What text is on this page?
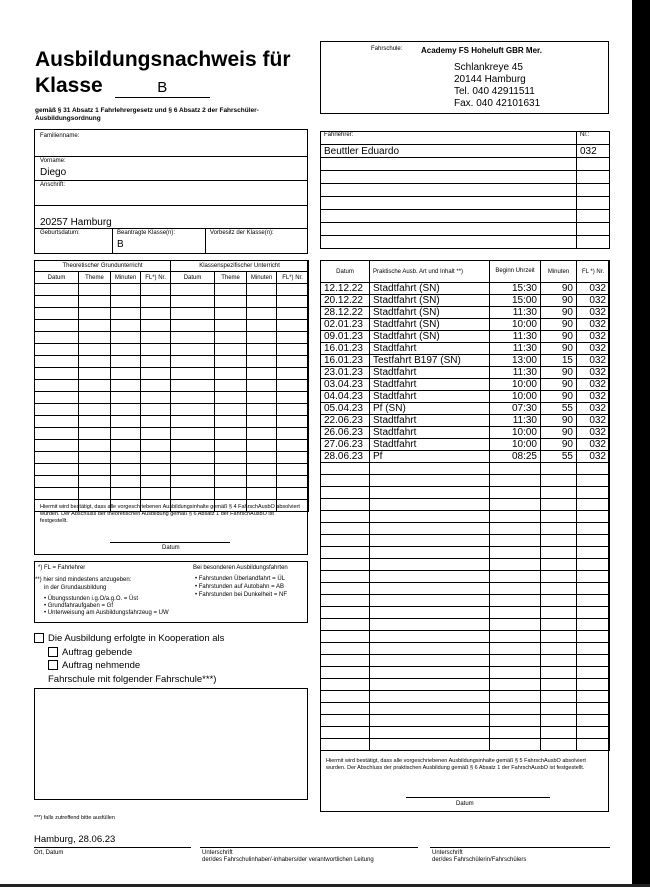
Ausbildungsnachweis für
Klasse	B
gemäß § 31 Absatz 1 Fahrlehrergesetz und § 6 Absatz 2 der Fahrschüler-Ausbildungsordnung
Fahrschule: Academy FS Hoheluft GBR Mer.
Schlankreye 45
20144 Hamburg
Tel. 040 42911511
Fax. 040 42101631
Familienname:
Vorname:
Diego
Anschrift:
20257 Hamburg
Geburtsdatum:	Beantragte Klasse(n):
B
Vorbesitz der Klasse(n):
Fahrlehrer:	Nr.:
Beuttler Eduardo	032

Theoretischer Grundunterricht				Klassenspezifischer Unterricht			
Datum	Theme	Minuten	FL*) Nr.	Datum	Theme	Minuten	FL*) Nr.

Hiermit wird bestätigt, dass alle vorgeschriebenen Ausbildungsinhalte gemäß § 4 FahrschAusbO absolviert wurden. Der Abschluss der theoretischen Ausbildung gemäß § 6 Absatz 1 der FahrschAusbO ist festgestellt.
Datum
Datum	Praktische Ausb. Art und Inhalt **)	Beginn Uhrzeit	Minuten	FL *) Nr.
12.12.22	Stadtfahrt (SN)	15:30	90	032
20.12.22	Stadtfahrt (SN)	15:00	90	032
28.12.22	Stadtfahrt (SN)	11:30	90	032
02.01.23	Stadtfahrt (SN)	10:00	90	032
09.01.23	Stadtfahrt (SN)	11:30	90	032
16.01.23	Stadtfahrt	11:30	90	032
16.01.23	Testfahrt B197 (SN)	13:00	15	032
23.01.23	Stadtfahrt	11:30	90	032
03.04.23	Stadtfahrt	10:00	90	032
04.04.23	Stadtfahrt	10:00	90	032
05.04.23	Pf (SN)	07:30	55	032
22.06.23	Stadtfahrt	11:30	90	032
26.06.23	Stadtfahrt	10:00	90	032
27.06.23	Stadtfahrt	10:00	90	032
28.06.23	Pf	08:25	55	032

Hiermit wird bestätigt, dass alle vorgeschriebenen Ausbildungsinhalte gemäß § 5 FahrschAusbO absolviert wurden. Der Abschluss der praktischen Ausbildung gemäß § 6 Absatz 1 der FahrschAusbO ist festgestellt.
Datum
*) FL = Fahrlehrer
**) hier sind mindestens anzugeben:
in der Grundausbildung
• Übungsstunden i.g.O/a.g.O. = Üst
• Grundfahraufgaben = Gf
• Unterweisung am Ausbildungsfahrzeug = UW
Bei besonderen Ausbildungsfahrten
• Fahrstunden Überlandfahrt = ÜL
• Fahrstunden auf Autobahn = AB
• Fahrstunden bei Dunkelheit = NF
Die Ausbildung erfolgte in Kooperation als
Auftrag gebende
Auftrag nehmende
Fahrschule mit folgender Fahrschule***)
***) falls zutreffend bitte ausfüllen
Hamburg, 28.06.23
Ort, Datum	Unterschrift
der/des Fahrschulinhaber/-inhabers/der verantwortlichen Leitung
Unterschrift
der/des Fahrschülerin/Fahrschülers
